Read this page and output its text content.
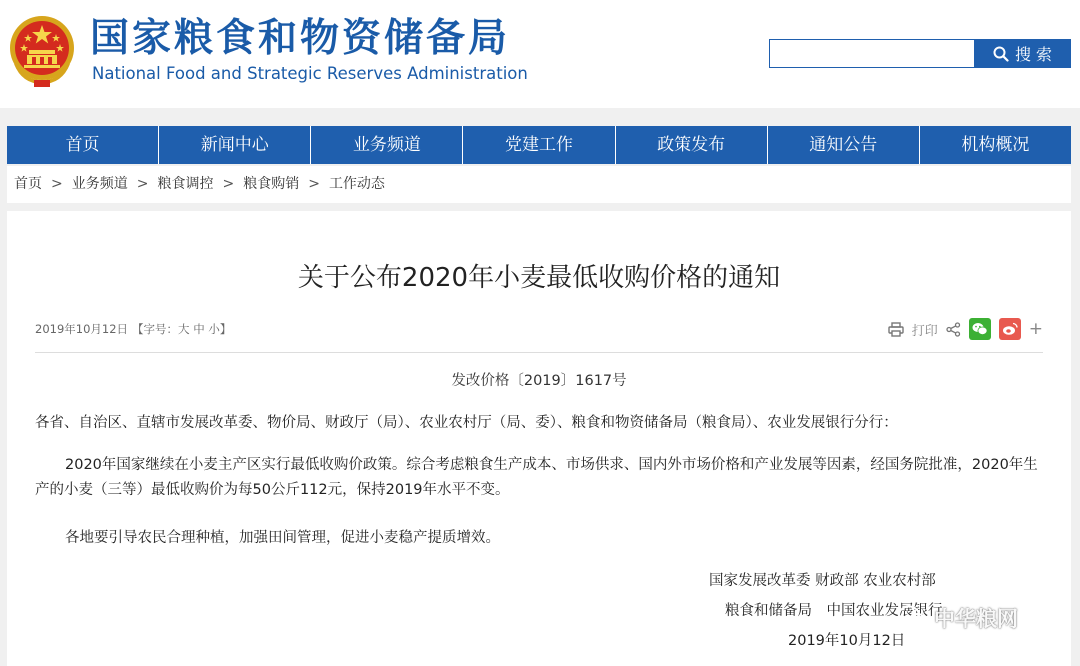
国家粮食和物资储备局
National Food and Strategic Reserves Administration
搜 索
首页	新闻中心	业务频道	党建工作	政策发布	通知公告	机构概况
首页 > 业务频道 > 粮食调控 > 粮食购销 > 工作动态
关于公布2020年小麦最低收购价格的通知
2019年10月12日 【字号：大 中 小】	打印	+
发改价格〔2019〕1617号
各省、自治区、直辖市发展改革委、物价局、财政厅（局）、农业农村厅（局、委）、粮食和物资储备局（粮食局）、农业发展银行分行：

2020年国家继续在小麦主产区实行最低收购价政策。综合考虑粮食生产成本、市场供求、国内外市场价格和产业发展等因素，经国务院批准，2020年生产的小麦（三等）最低收购价为每50公斤112元，保持2019年水平不变。

各地要引导农民合理种植，加强田间管理，促进小麦稳产提质增效。

国家发展改革委 财政部 农业农村部
粮食和储备局　中国农业发展银行
2019年10月12日
中华粮网
